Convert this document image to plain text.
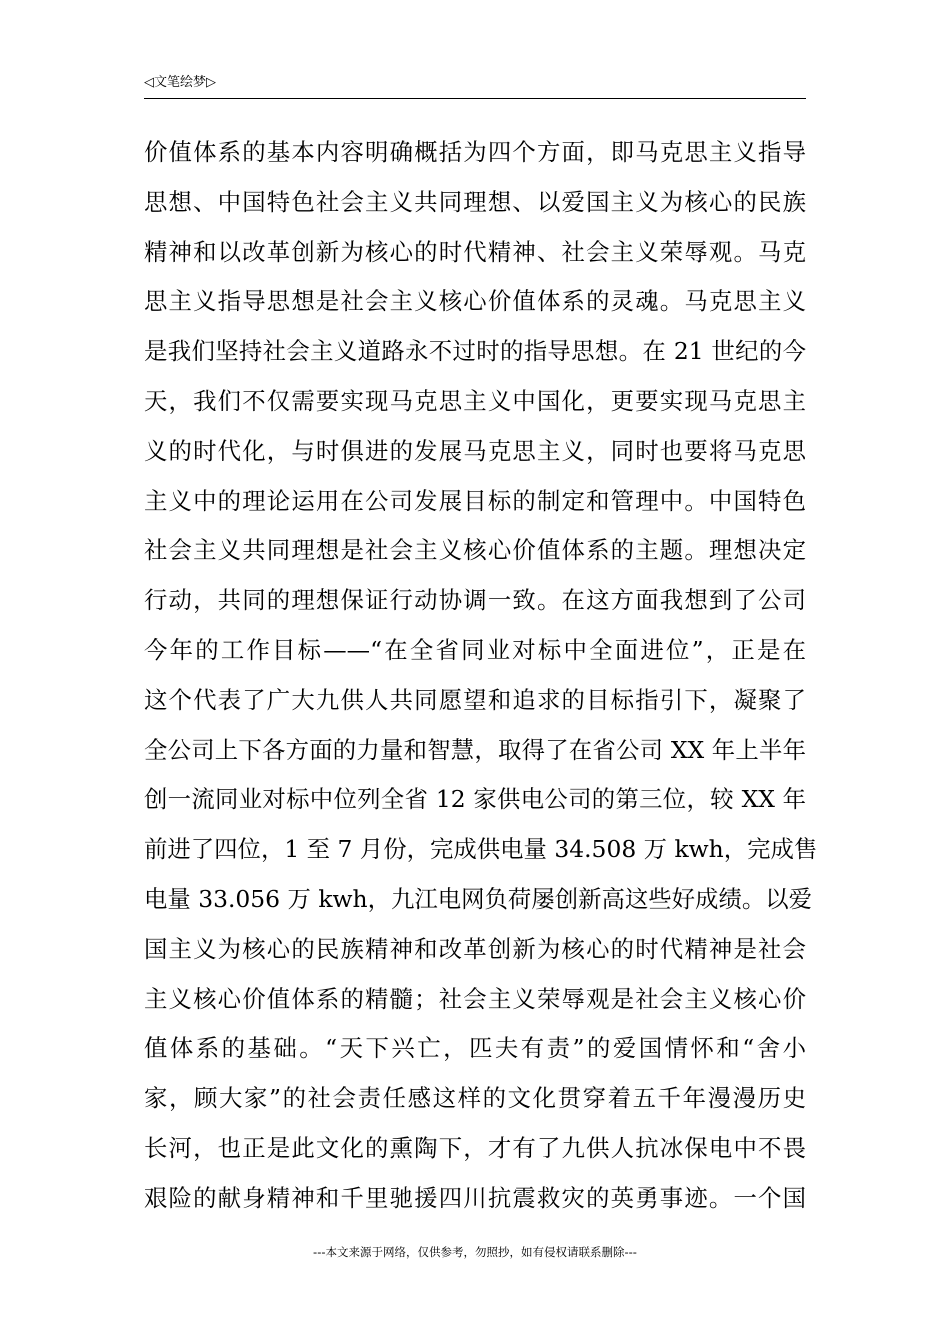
◁文笔绘梦▷
价值体系的基本内容明确概括为四个方面，即马克思主义指导
思想、中国特色社会主义共同理想、以爱国主义为核心的民族
精神和以改革创新为核心的时代精神、社会主义荣辱观。马克
思主义指导思想是社会主义核心价值体系的灵魂。马克思主义
是我们坚持社会主义道路永不过时的指导思想。在 21 世纪的今
天，我们不仅需要实现马克思主义中国化，更要实现马克思主
义的时代化，与时俱进的发展马克思主义，同时也要将马克思
主义中的理论运用在公司发展目标的制定和管理中。中国特色
社会主义共同理想是社会主义核心价值体系的主题。理想决定
行动，共同的理想保证行动协调一致。在这方面我想到了公司
今年的工作目标——“在全省同业对标中全面进位”，正是在
这个代表了广大九供人共同愿望和追求的目标指引下，凝聚了
全公司上下各方面的力量和智慧，取得了在省公司 XX 年上半年
创一流同业对标中位列全省 12 家供电公司的第三位，较 XX 年
前进了四位，1 至 7 月份，完成供电量 34.508 万 kwh，完成售
电量 33.056 万 kwh，九江电网负荷屡创新高这些好成绩。以爱
国主义为核心的民族精神和改革创新为核心的时代精神是社会
主义核心价值体系的精髓；社会主义荣辱观是社会主义核心价
值体系的基础。“天下兴亡，匹夫有责”的爱国情怀和“舍小
家，顾大家”的社会责任感这样的文化贯穿着五千年漫漫历史
长河，也正是此文化的熏陶下，才有了九供人抗冰保电中不畏
艰险的献身精神和千里驰援四川抗震救灾的英勇事迹。一个国
---本文来源于网络，仅供参考，勿照抄，如有侵权请联系删除---
